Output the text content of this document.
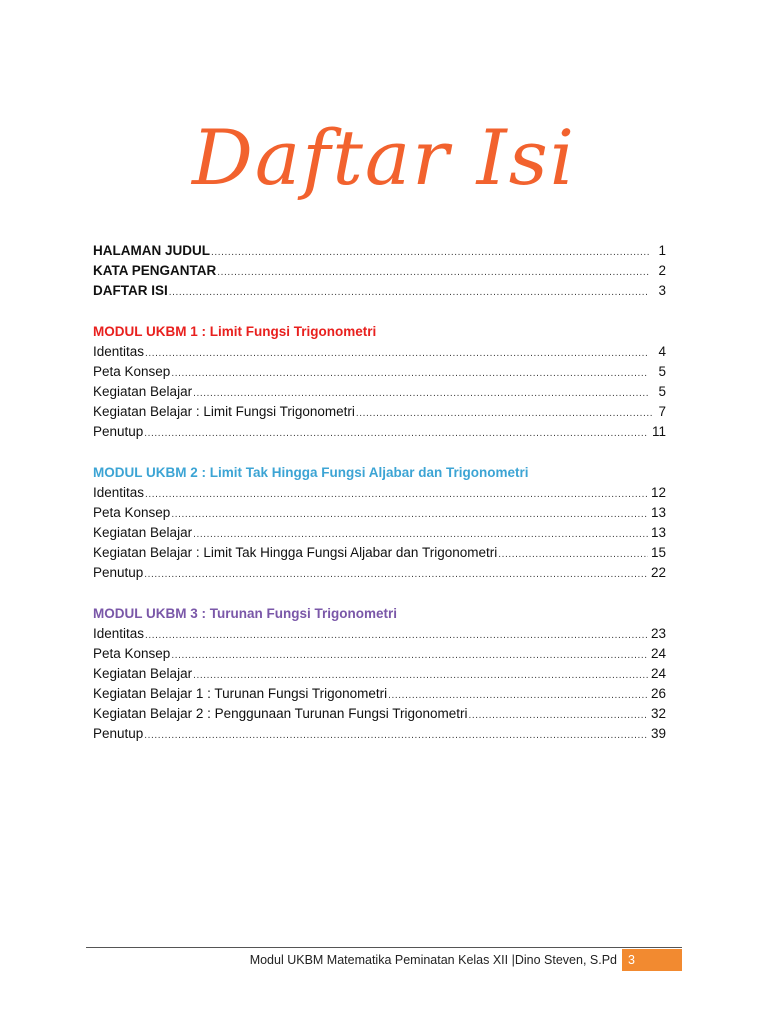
Daftar Isi
HALAMAN JUDUL .....	1
KATA PENGANTAR .....	2
DAFTAR ISI .....	3
MODUL UKBM 1 : Limit Fungsi Trigonometri
Identitas .....	4
Peta Konsep .....	5
Kegiatan Belajar .....	5
Kegiatan Belajar : Limit Fungsi Trigonometri .....	7
Penutup .....	11
MODUL UKBM 2 : Limit Tak Hingga Fungsi Aljabar dan Trigonometri
Identitas .....	12
Peta Konsep .....	13
Kegiatan Belajar .....	13
Kegiatan Belajar : Limit Tak Hingga Fungsi Aljabar dan Trigonometri .....	15
Penutup .....	22
MODUL UKBM 3 : Turunan Fungsi Trigonometri
Identitas .....	23
Peta Konsep .....	24
Kegiatan Belajar .....	24
Kegiatan Belajar 1 : Turunan Fungsi Trigonometri .....	26
Kegiatan Belajar 2 : Penggunaan Turunan Fungsi Trigonometri .....	32
Penutup .....	39
Modul UKBM Matematika Peminatan Kelas XII |Dino Steven, S.Pd 3
